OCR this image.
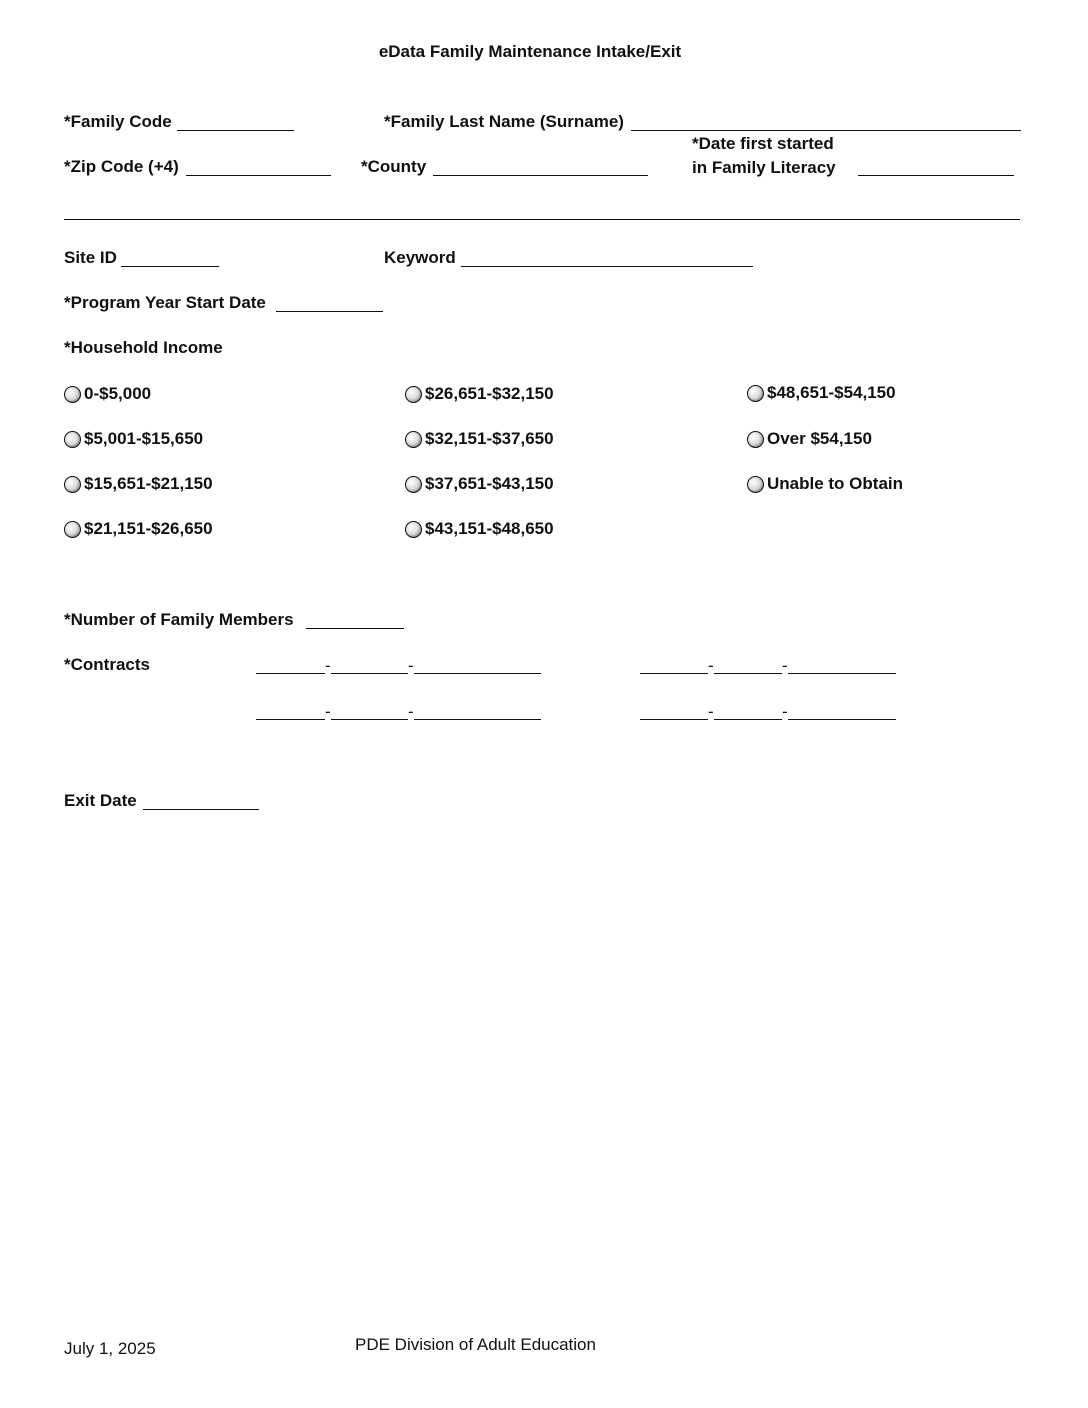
eData Family Maintenance Intake/Exit
*Family Code	*Family Last Name (Surname)
*Zip Code (+4)	*County
*Date first started
in Family Literacy
Site ID	Keyword
*Program Year Start Date
*Household Income
0-$5,000
$5,001-$15,650
$15,651-$21,150
$21,151-$26,650
$26,651-$32,150
$32,151-$37,650
$37,651-$43,150
$43,151-$48,650
$48,651-$54,150
Over $54,150
Unable to Obtain
*Number of Family Members
*Contracts	-	-	-	-
-	-	-	-
Exit Date
July 1, 2025	PDE Division of Adult Education
